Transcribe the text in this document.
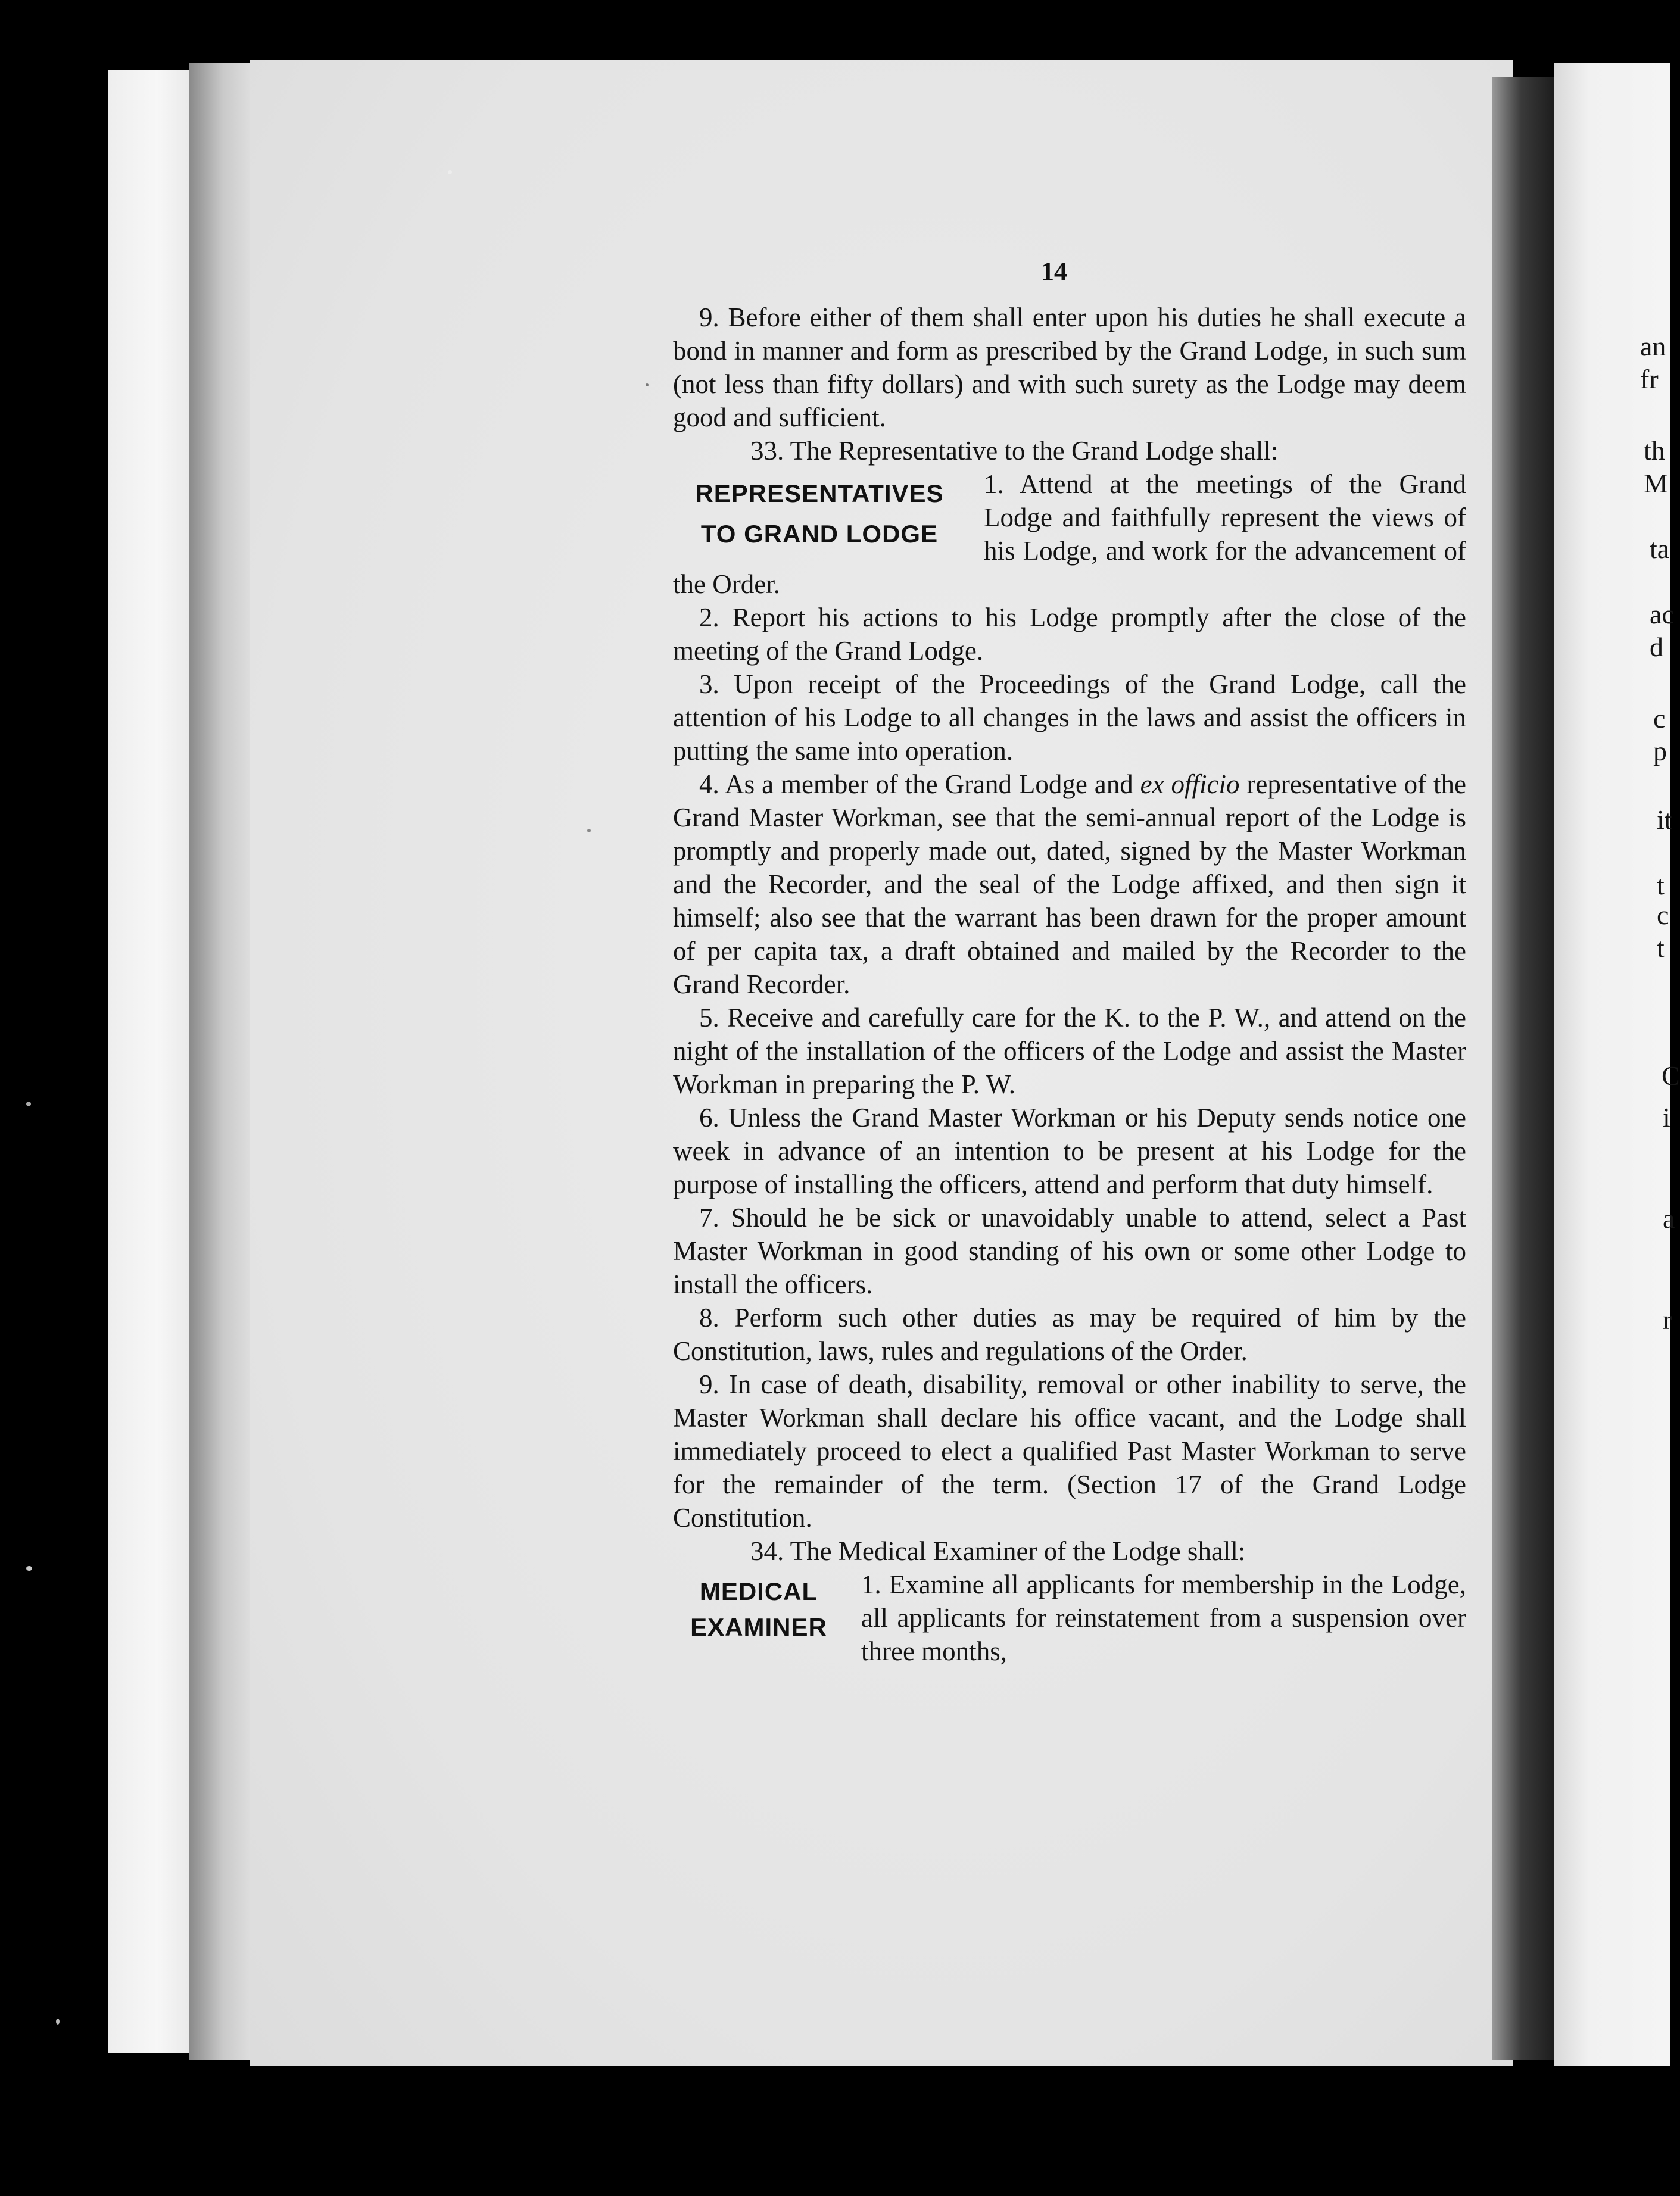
an
fr
th
M
ta
ac
d
c
p
it
t
c
t
C
i
a
r
14

9. Before either of them shall enter upon his duties he shall execute a bond in manner and form as prescribed by the Grand Lodge, in such sum (not less than fifty dollars) and with such surety as the Lodge may deem good and sufficient.

33. The Representative to the Grand Lodge shall:

REPRESENTATIVES
TO GRAND LODGE

1. Attend at the meetings of the Grand Lodge and faithfully represent the views of his Lodge, and work for the advancement of the Order.

2. Report his actions to his Lodge promptly after the close of the meeting of the Grand Lodge.

3. Upon receipt of the Proceedings of the Grand Lodge, call the attention of his Lodge to all changes in the laws and assist the officers in putting the same into operation.

4. As a member of the Grand Lodge and ex officio representative of the Grand Master Workman, see that the semi-annual report of the Lodge is promptly and properly made out, dated, signed by the Master Workman and the Recorder, and the seal of the Lodge affixed, and then sign it himself; also see that the warrant has been drawn for the proper amount of per capita tax, a draft obtained and mailed by the Recorder to the Grand Recorder.

5. Receive and carefully care for the K. to the P. W., and attend on the night of the installation of the officers of the Lodge and assist the Master Workman in preparing the P. W.

6. Unless the Grand Master Workman or his Deputy sends notice one week in advance of an intention to be present at his Lodge for the purpose of installing the officers, attend and perform that duty himself.

7. Should he be sick or unavoidably unable to attend, select a Past Master Workman in good standing of his own or some other Lodge to install the officers.

8. Perform such other duties as may be required of him by the Constitution, laws, rules and regulations of the Order.

9. In case of death, disability, removal or other inability to serve, the Master Workman shall declare his office vacant, and the Lodge shall immediately proceed to elect a qualified Past Master Workman to serve for the remainder of the term. (Section 17 of the Grand Lodge Constitution.

34. The Medical Examiner of the Lodge shall:

MEDICAL
EXAMINER

1. Examine all applicants for membership in the Lodge, all applicants for reinstatement from a suspension over three months,
